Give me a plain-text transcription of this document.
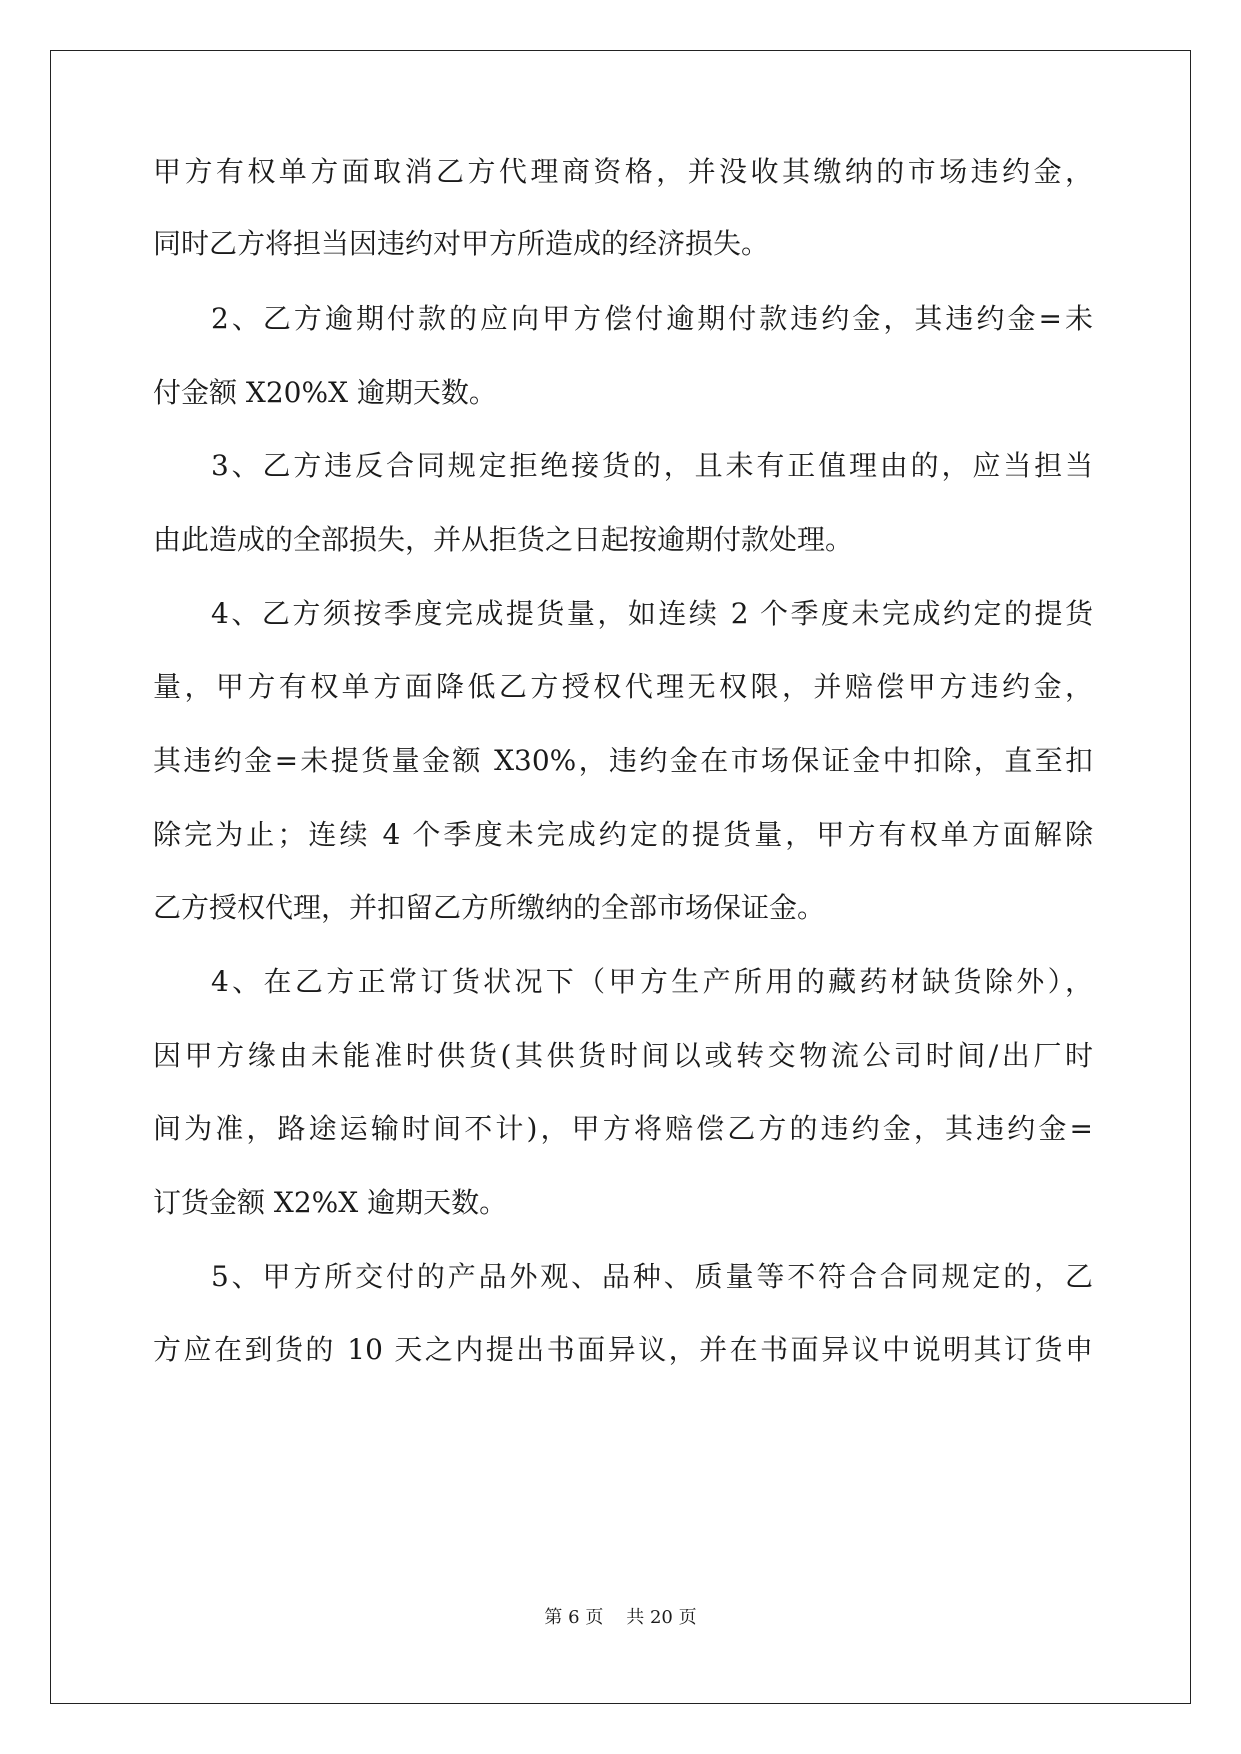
甲方有权单方面取消乙方代理商资格，并没收其缴纳的市场违约金，
同时乙方将担当因违约对甲方所造成的经济损失。
2、乙方逾期付款的应向甲方偿付逾期付款违约金，其违约金=未
付金额 X20%X 逾期天数。
3、乙方违反合同规定拒绝接货的，且未有正值理由的，应当担当
由此造成的全部损失，并从拒货之日起按逾期付款处理。
4、乙方须按季度完成提货量，如连续 2 个季度未完成约定的提货
量，甲方有权单方面降低乙方授权代理无权限，并赔偿甲方违约金，
其违约金=未提货量金额 X30%，违约金在市场保证金中扣除，直至扣
除完为止；连续 4 个季度未完成约定的提货量，甲方有权单方面解除
乙方授权代理，并扣留乙方所缴纳的全部市场保证金。
4、在乙方正常订货状况下（甲方生产所用的藏药材缺货除外），
因甲方缘由未能准时供货(其供货时间以或转交物流公司时间/出厂时
间为准，路途运输时间不计)，甲方将赔偿乙方的违约金，其违约金=
订货金额 X2%X 逾期天数。
5、甲方所交付的产品外观、品种、质量等不符合合同规定的，乙
方应在到货的 10 天之内提出书面异议，并在书面异议中说明其订货申
第 6 页 共 20 页
